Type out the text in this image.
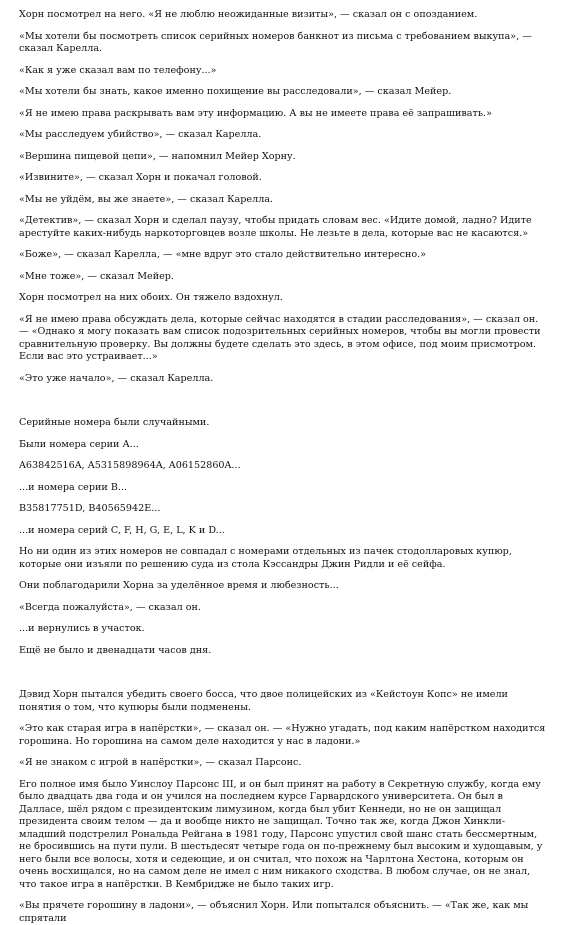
Хорн посмотрел на него. «Я не люблю неожиданные визиты», — сказал он с опозданием.

«Мы хотели бы посмотреть список серийных номеров банкнот из письма с требованием выкупа», — сказал Карелла.

«Как я уже сказал вам по телефону...»

«Мы хотели бы знать, какое именно похищение вы расследовали», — сказал Мейер.

«Я не имею права раскрывать вам эту информацию. А вы не имеете права её запрашивать.»

«Мы расследуем убийство», — сказал Карелла.

«Вершина пищевой цепи», — напомнил Мейер Хорну.

«Извините», — сказал Хорн и покачал головой.

«Мы не уйдём, вы же знаете», — сказал Карелла.

«Детектив», — сказал Хорн и сделал паузу, чтобы придать словам вес. «Идите домой, ладно? Идите арестуйте каких-нибудь наркоторговцев возле школы. Не лезьте в дела, которые вас не касаются.»

«Боже», — сказал Карелла, — «мне вдруг это стало действительно интересно.»

«Мне тоже», — сказал Мейер.

Хорн посмотрел на них обоих. Он тяжело вздохнул.

«Я не имею права обсуждать дела, которые сейчас находятся в стадии расследования», — сказал он. — «Однако я могу показать вам список подозрительных серийных номеров, чтобы вы могли провести сравнительную проверку. Вы должны будете сделать это здесь, в этом офисе, под моим присмотром. Если вас это устраивает...»

«Это уже начало», — сказал Карелла.

Серийные номера были случайными.

Были номера серии А...

A63842516A, A5315898964A, A06152860A...

...и номера серии B...

B35817751D, B40565942E...

...и номера серий C, F, H, G, E, L, K и D...

Но ни один из этих номеров не совпадал с номерами отдельных из пачек стодолларовых купюр, которые они изъяли по решению суда из стола Кэссандры Джин Ридли и её сейфа.

Они поблагодарили Хорна за уделённое время и любезность...

«Всегда пожалуйста», — сказал он.

...и вернулись в участок.

Ещё не было и двенадцати часов дня.

Дэвид Хорн пытался убедить своего босса, что двое полицейских из «Кейстоун Копс» не имели понятия о том, что купюры были подменены.

«Это как старая игра в напёрстки», — сказал он. — «Нужно угадать, под каким напёрстком находится горошина. Но горошина на самом деле находится у нас в ладони.»

«Я не знаком с игрой в напёрстки», — сказал Парсонс.

Его полное имя было Уинслоу Парсонс III, и он был принят на работу в Секретную службу, когда ему было двадцать два года и он учился на последнем курсе Гарвардского университета. Он был в Далласе, шёл рядом с президентским лимузином, когда был убит Кеннеди, но не он защищал президента своим телом — да и вообще никто не защищал. Точно так же, когда Джон Хинкли-младший подстрелил Рональда Рейгана в 1981 году, Парсонс упустил свой шанс стать бессмертным, не бросившись на пути пули. В шестьдесят четыре года он по-прежнему был высоким и худощавым, у него были все волосы, хотя и седеющие, и он считал, что похож на Чарлтона Хестона, которым он очень восхищался, но на самом деле не имел с ним никакого сходства. В любом случае, он не знал, что такое игра в напёрстки. В Кембридже не было таких игр.

«Вы прячете горошину в ладони», — объяснил Хорн. Или попытался объяснить. — «Так же, как мы спрятали
